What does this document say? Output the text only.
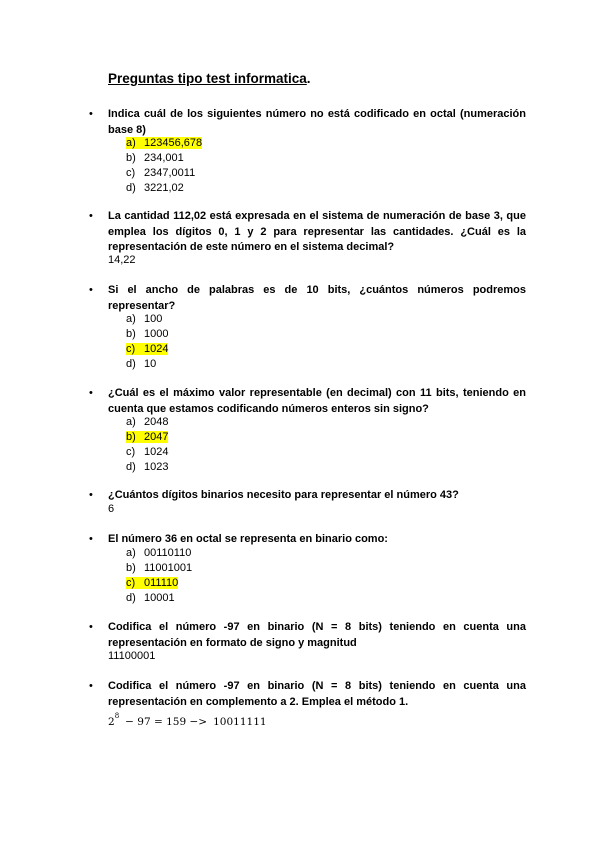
Preguntas tipo test informatica.
• Indica cuál de los siguientes número no está codificado en octal (numeración base 8)
a) 123456,678
b) 234,001
c) 2347,0011
d) 3221,02
• La cantidad 112,02 está expresada en el sistema de numeración de base 3, que emplea los dígitos 0, 1 y 2 para representar las cantidades. ¿Cuál es la representación de este número en el sistema decimal?
14,22
• Si el ancho de palabras es de 10 bits, ¿cuántos números podremos representar?
a) 100
b) 1000
c) 1024
d) 10
• ¿Cuál es el máximo valor representable (en decimal) con 11 bits, teniendo en cuenta que estamos codificando números enteros sin signo?
a) 2048
b) 2047
c) 1024
d) 1023
• ¿Cuántos dígitos binarios necesito para representar el número 43?
6
• El número 36 en octal se representa en binario como:
a) 00110110
b) 11001001
c) 011110
d) 10001
• Codifica el número -97 en binario (N = 8 bits) teniendo en cuenta una representación en formato de signo y magnitud
11100001
• Codifica el número -97 en binario (N = 8 bits) teniendo en cuenta una representación en complemento a 2. Emplea el método 1.
$2^8 - 97 = 159 -> 10011111$
